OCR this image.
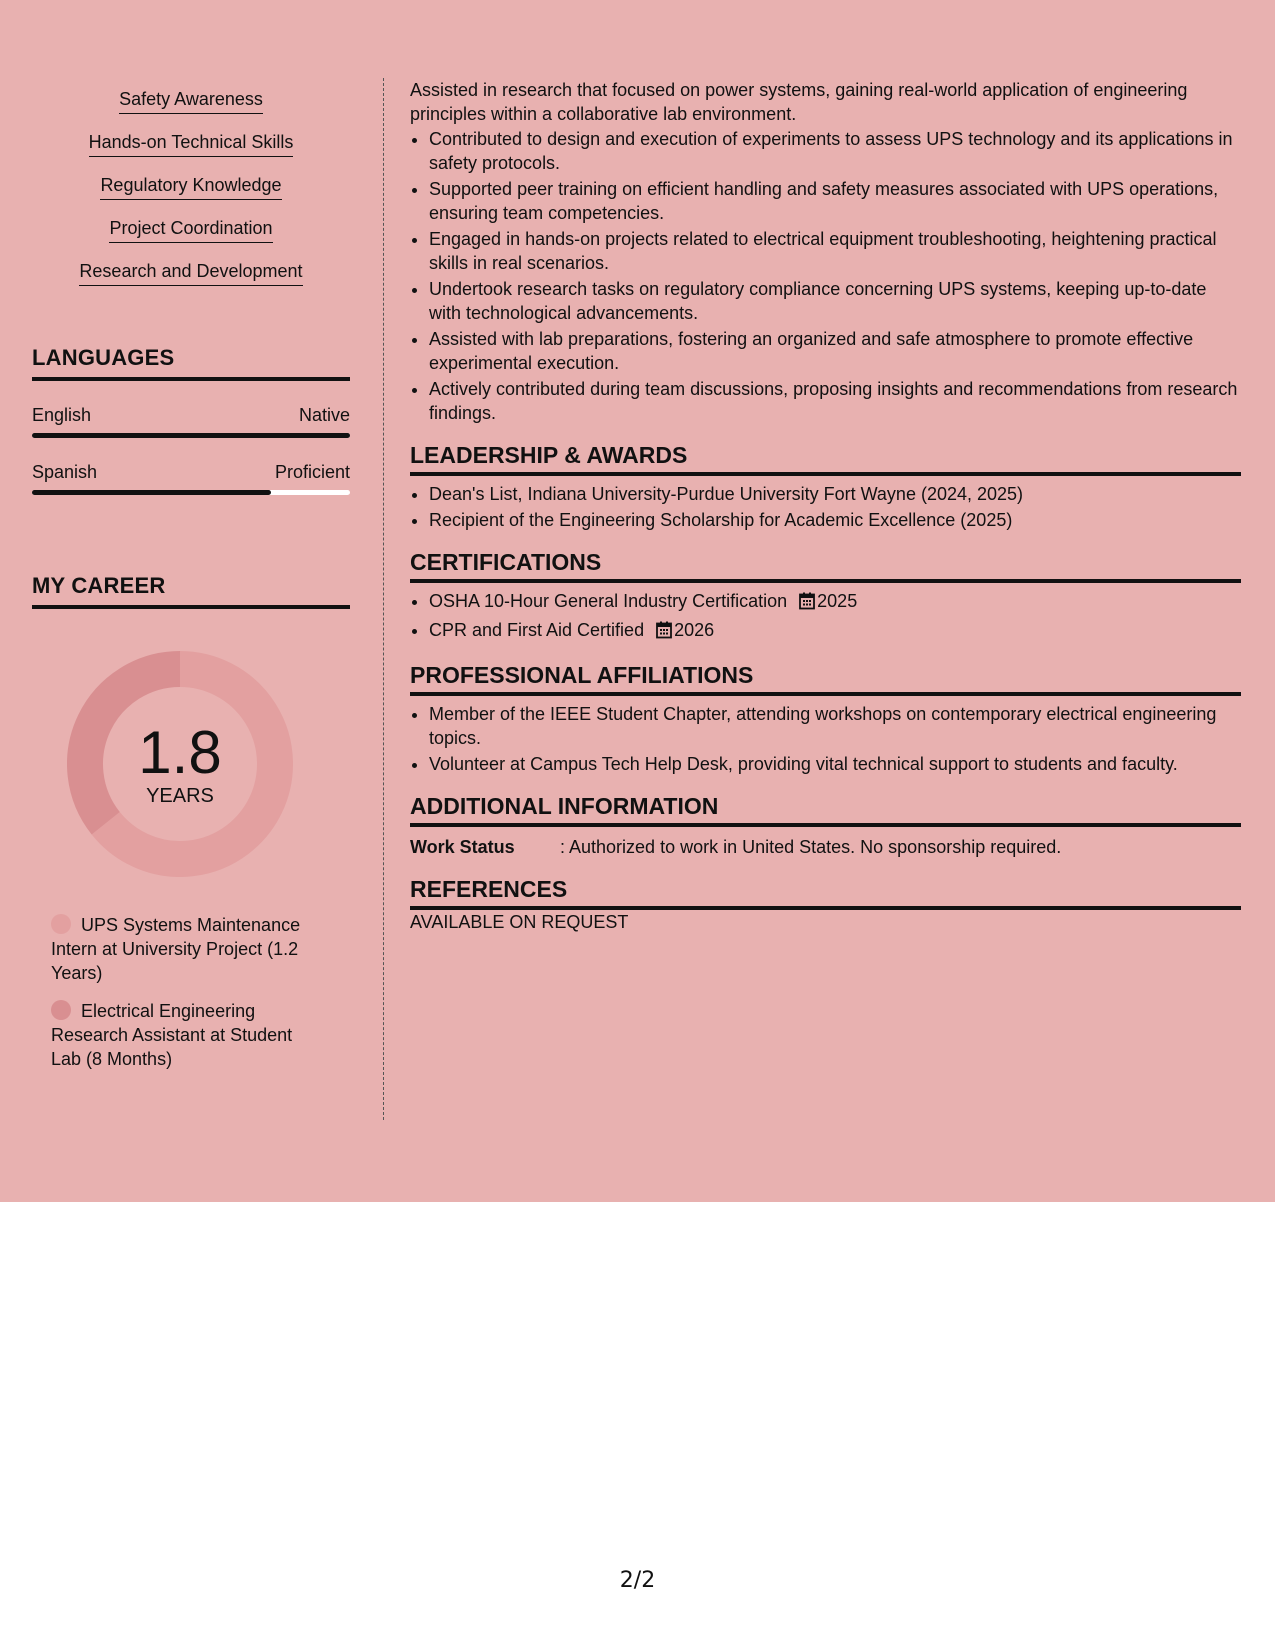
Safety Awareness
Hands-on Technical Skills
Regulatory Knowledge
Project Coordination
Research and Development
LANGUAGES
English	Native
Spanish	Proficient
MY CAREER
1.8
YEARS
UPS Systems Maintenance Intern at University Project (1.2 Years)
Electrical Engineering Research Assistant at Student Lab (8 Months)

Assisted in research that focused on power systems, gaining real-world application of engineering principles within a collaborative lab environment.

• Contributed to design and execution of experiments to assess UPS technology and its applications in safety protocols.
• Supported peer training on efficient handling and safety measures associated with UPS operations, ensuring team competencies.
• Engaged in hands-on projects related to electrical equipment troubleshooting, heightening practical skills in real scenarios.
• Undertook research tasks on regulatory compliance concerning UPS systems, keeping up-to-date with technological advancements.
• Assisted with lab preparations, fostering an organized and safe atmosphere to promote effective experimental execution.
• Actively contributed during team discussions, proposing insights and recommendations from research findings.
LEADERSHIP & AWARDS
• Dean's List, Indiana University-Purdue University Fort Wayne (2024, 2025)
• Recipient of the Engineering Scholarship for Academic Excellence (2025)
CERTIFICATIONS
• OSHA 10-Hour General Industry Certification 2025
• CPR and First Aid Certified 2026
PROFESSIONAL AFFILIATIONS
• Member of the IEEE Student Chapter, attending workshops on contemporary electrical engineering topics.
• Volunteer at Campus Tech Help Desk, providing vital technical support to students and faculty.
ADDITIONAL INFORMATION
Work Status	: Authorized to work in United States. No sponsorship required.
REFERENCES

AVAILABLE ON REQUEST

2/2
